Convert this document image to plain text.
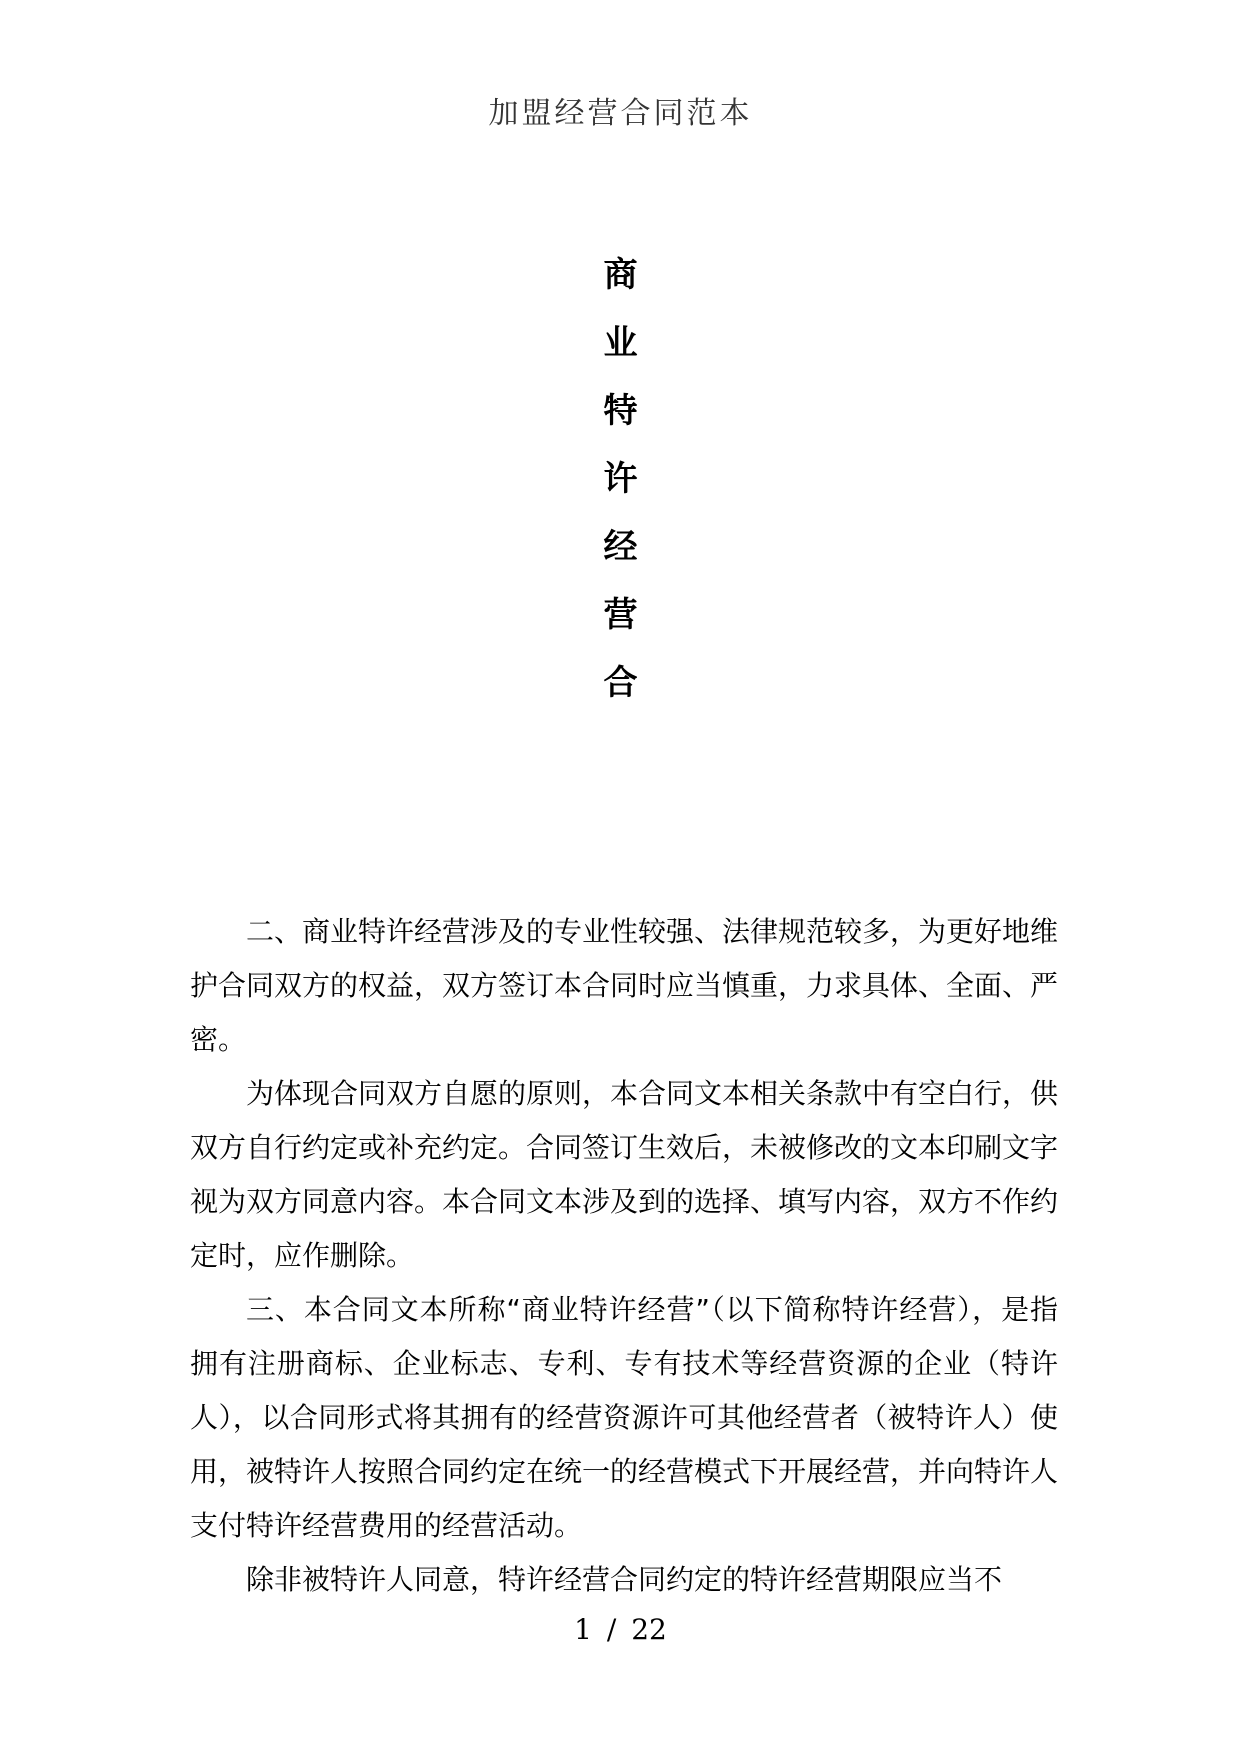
加盟经营合同范本
商
业
特
许
经
营
合

二、商业特许经营涉及的专业性较强、法律规范较多，为更好地维护合同双方的权益，双方签订本合同时应当慎重，力求具体、全面、严密。

为体现合同双方自愿的原则，本合同文本相关条款中有空白行，供双方自行约定或补充约定。合同签订生效后，未被修改的文本印刷文字视为双方同意内容。本合同文本涉及到的选择、填写内容，双方不作约定时，应作删除。

三、本合同文本所称“商业特许经营”（以下简称特许经营），是指拥有注册商标、企业标志、专利、专有技术等经营资源的企业（特许人），以合同形式将其拥有的经营资源许可其他经营者（被特许人）使用，被特许人按照合同约定在统一的经营模式下开展经营，并向特许人支付特许经营费用的经营活动。

除非被特许人同意，特许经营合同约定的特许经营期限应当不

1 / 22
